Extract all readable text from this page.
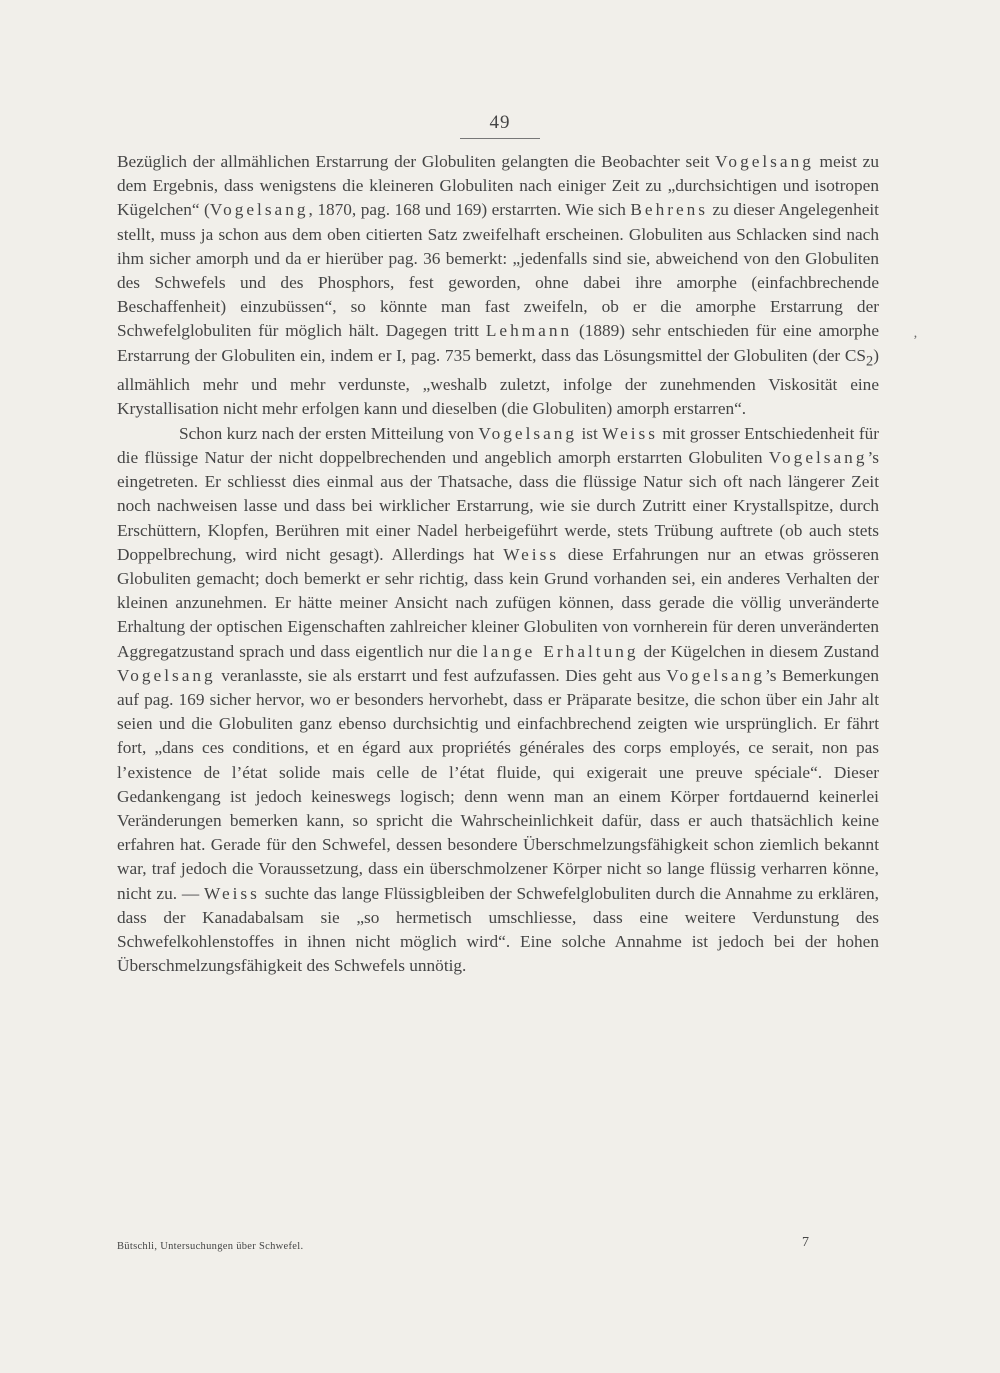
49

Bezüglich der allmählichen Erstarrung der Globuliten gelangten die Beobachter seit Vogelsang meist zu dem Ergebnis, dass wenigstens die kleineren Globuliten nach einiger Zeit zu „durchsichtigen und isotropen Kügelchen“ (Vogelsang, 1870, pag. 168 und 169) erstarrten. Wie sich Behrens zu dieser Angelegenheit stellt, muss ja schon aus dem oben citierten Satz zweifelhaft erscheinen. Globuliten aus Schlacken sind nach ihm sicher amorph und da er hierüber pag. 36 bemerkt: „jedenfalls sind sie, abweichend von den Globuliten des Schwefels und des Phosphors, fest geworden, ohne dabei ihre amorphe (einfachbrechende Beschaffenheit) einzubüssen“, so könnte man fast zweifeln, ob er die amorphe Erstarrung der Schwefelglobuliten für möglich hält. Dagegen tritt Lehmann (1889) sehr entschieden für eine amorphe Erstarrung der Globuliten ein, indem er I, pag. 735 bemerkt, dass das Lösungsmittel der Globuliten (der $CS_2$) allmählich mehr und mehr verdunste, „weshalb zuletzt, infolge der zunehmenden Viskosität eine Krystallisation nicht mehr erfolgen kann und dieselben (die Globuliten) amorph erstarren“.

Schon kurz nach der ersten Mitteilung von Vogelsang ist Weiss mit grosser Entschiedenheit für die flüssige Natur der nicht doppelbrechenden und angeblich amorph erstarrten Globuliten Vogelsang’s eingetreten. Er schliesst dies einmal aus der Thatsache, dass die flüssige Natur sich oft nach längerer Zeit noch nachweisen lasse und dass bei wirklicher Erstarrung, wie sie durch Zutritt einer Krystallspitze, durch Erschüttern, Klopfen, Berühren mit einer Nadel herbeigeführt werde, stets Trübung auftrete (ob auch stets Doppelbrechung, wird nicht gesagt). Allerdings hat Weiss diese Erfahrungen nur an etwas grösseren Globuliten gemacht; doch bemerkt er sehr richtig, dass kein Grund vorhanden sei, ein anderes Verhalten der kleinen anzunehmen. Er hätte meiner Ansicht nach zufügen können, dass gerade die völlig unveränderte Erhaltung der optischen Eigenschaften zahlreicher kleiner Globuliten von vornherein für deren unveränderten Aggregatzustand sprach und dass eigentlich nur die lange Erhaltung der Kügelchen in diesem Zustand Vogelsang veranlasste, sie als erstarrt und fest aufzufassen. Dies geht aus Vogelsang’s Bemerkungen auf pag. 169 sicher hervor, wo er besonders hervorhebt, dass er Präparate besitze, die schon über ein Jahr alt seien und die Globuliten ganz ebenso durchsichtig und einfachbrechend zeigten wie ursprünglich. Er fährt fort, „dans ces conditions, et en égard aux propriétés générales des corps employés, ce serait, non pas l’existence de l’état solide mais celle de l’état fluide, qui exigerait une preuve spéciale“. Dieser Gedankengang ist jedoch keineswegs logisch; denn wenn man an einem Körper fortdauernd keinerlei Veränderungen bemerken kann, so spricht die Wahrscheinlichkeit dafür, dass er auch thatsächlich keine erfahren hat. Gerade für den Schwefel, dessen besondere Überschmelzungsfähigkeit schon ziemlich bekannt war, traf jedoch die Voraussetzung, dass ein überschmolzener Körper nicht so lange flüssig verharren könne, nicht zu. — Weiss suchte das lange Flüssigbleiben der Schwefelglobuliten durch die Annahme zu erklären, dass der Kanadabalsam sie „so hermetisch umschliesse, dass eine weitere Verdunstung des Schwefelkohlenstoffes in ihnen nicht möglich wird“. Eine solche Annahme ist jedoch bei der hohen Überschmelzungsfähigkeit des Schwefels unnötig.

‚
Bütschli, Untersuchungen über Schwefel.	7
